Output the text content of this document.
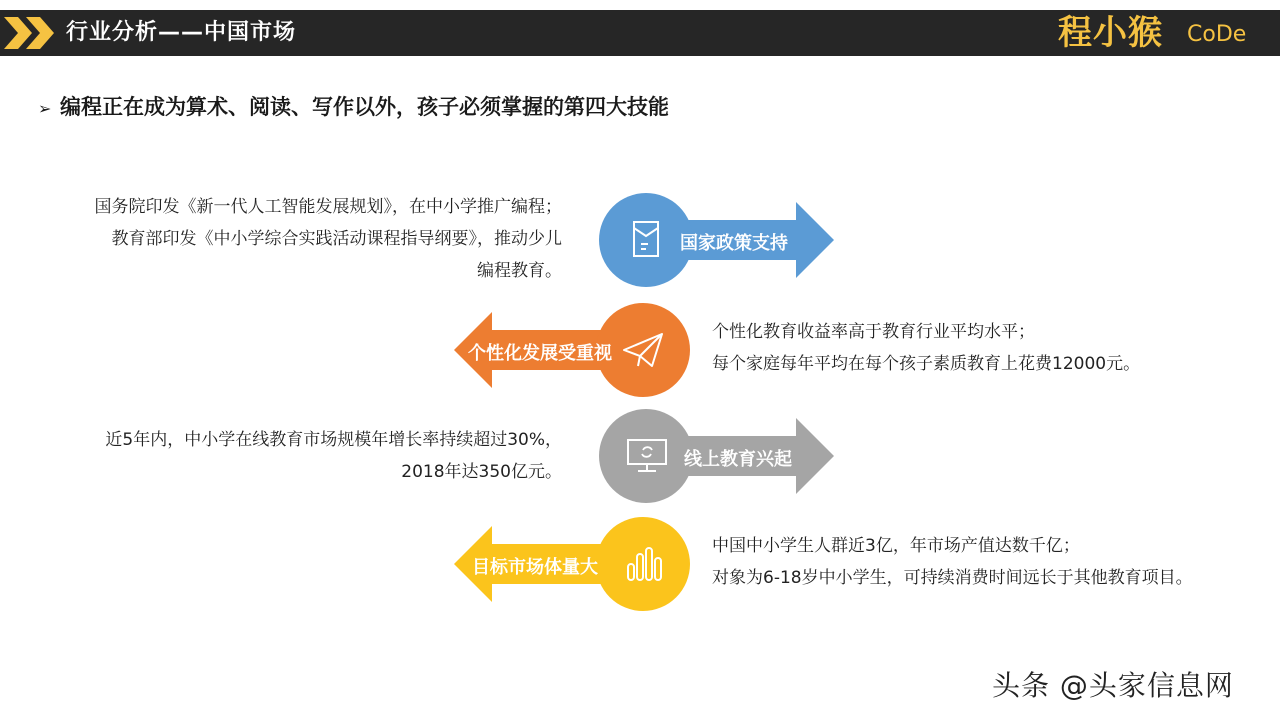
行业分析——中国市场	程小猴 CoDe
➢ 编程正在成为算术、阅读、写作以外，孩子必须掌握的第四大技能
国务院印发《新一代人工智能发展规划》，在中小学推广编程；
教育部印发《中小学综合实践活动课程指导纲要》，推动少儿
编程教育。
国家政策支持
个性化发展受重视
个性化教育收益率高于教育行业平均水平；
每个家庭每年平均在每个孩子素质教育上花费12000元。
近5年内，中小学在线教育市场规模年增长率持续超过30%，
2018年达350亿元。
线上教育兴起
目标市场体量大
中国中小学生人群近3亿，年市场产值达数千亿；
对象为6-18岁中小学生，可持续消费时间远长于其他教育项目。
头条 @头家信息网
